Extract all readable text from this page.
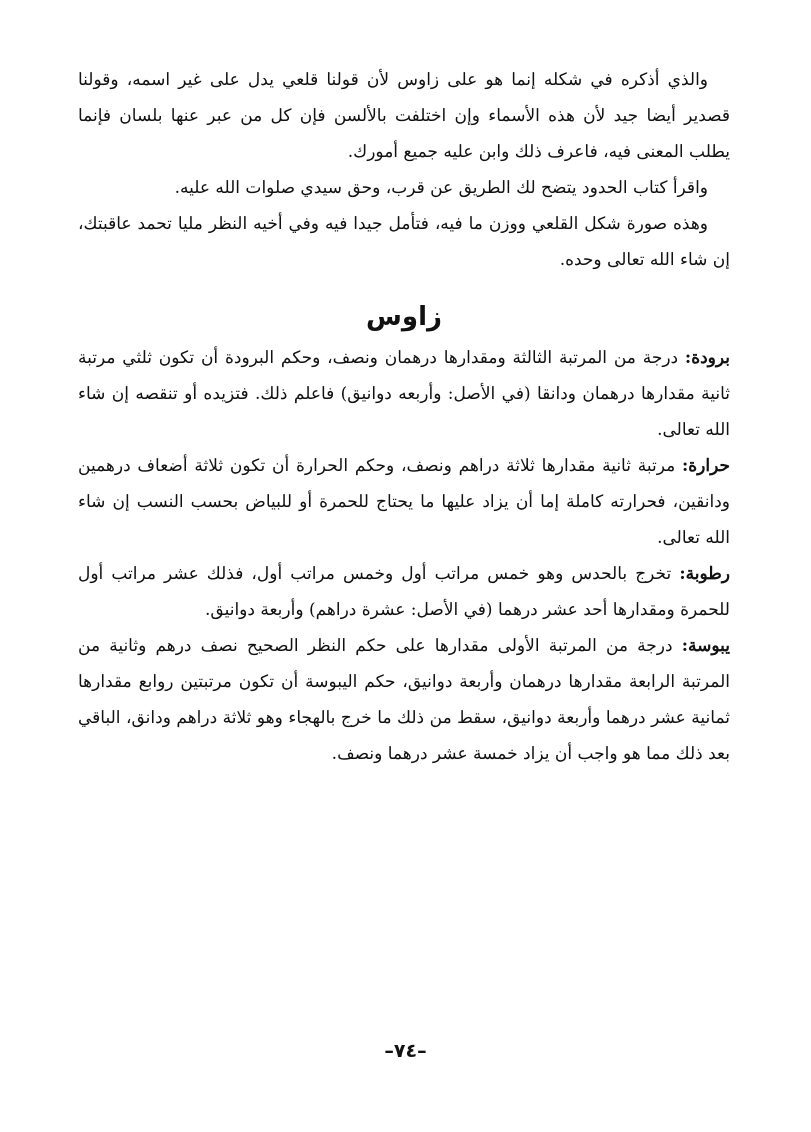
والذي أذكره في شكله إنما هو على زاوس لأن قولنا قلعي يدل على غير اسمه، وقولنا قصدير أيضا جيد لأن هذه الأسماء وإن اختلفت بالألسن فإن كل من عبر عنها بلسان فإنما يطلب المعنى فيه، فاعرف ذلك وابن عليه جميع أمورك.

واقرأ كتاب الحدود يتضح لك الطريق عن قرب، وحق سيدي صلوات الله عليه.

وهذه صورة شكل القلعي ووزن ما فيه، فتأمل جيدا فيه وفي أخيه النظر مليا تحمد عاقبتك، إن شاء الله تعالى وحده.

زاوس

برودة: درجة من المرتبة الثالثة ومقدارها درهمان ونصف، وحكم البرودة أن تكون ثلثي مرتبة ثانية مقدارها درهمان ودانقا (في الأصل: وأربعه دوانيق) فاعلم ذلك. فتزيده أو تنقصه إن شاء الله تعالى.

حرارة: مرتبة ثانية مقدارها ثلاثة دراهم ونصف، وحكم الحرارة أن تكون ثلاثة أضعاف درهمين ودانقين، فحرارته كاملة إما أن يزاد عليها ما يحتاج للحمرة أو للبياض بحسب النسب إن شاء الله تعالى.

رطوبة: تخرج بالحدس وهو خمس مراتب أول وخمس مراتب أول، فذلك عشر مراتب أول للحمرة ومقدارها أحد عشر درهما (في الأصل: عشرة دراهم) وأربعة دوانيق.

يبوسة: درجة من المرتبة الأولى مقدارها على حكم النظر الصحيح نصف درهم وثانية من المرتبة الرابعة مقدارها درهمان وأربعة دوانيق، حكم اليبوسة أن تكون مرتبتين روابع مقدارها ثمانية عشر درهما وأربعة دوانيق، سقط من ذلك ما خرج بالهجاء وهو ثلاثة دراهم ودانق، الباقي بعد ذلك مما هو واجب أن يزاد خمسة عشر درهما ونصف.

–٧٤–
